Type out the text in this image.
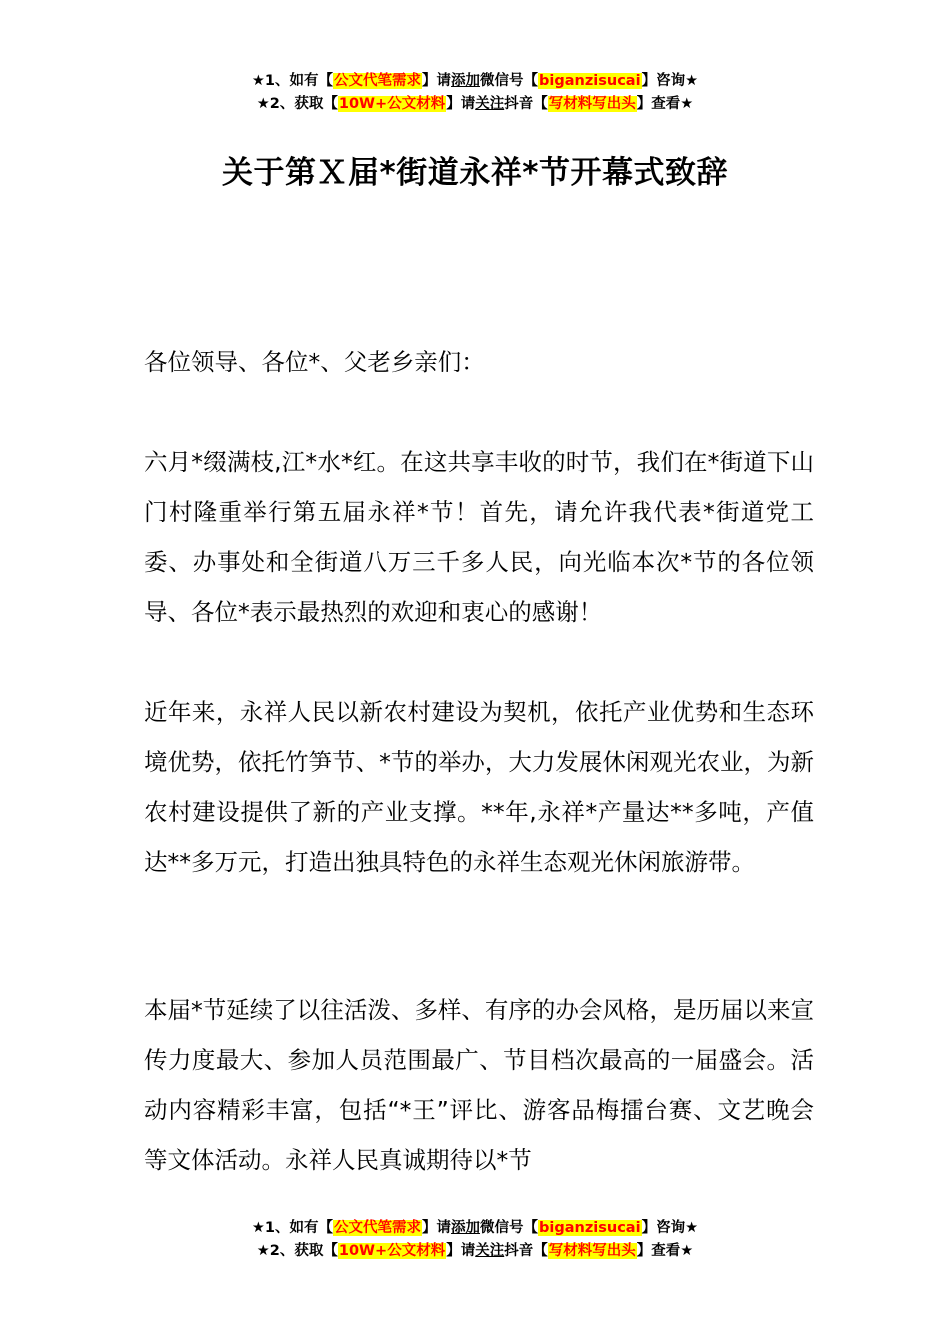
★1、如有【公文代笔需求】请添加微信号【biganzisucai】咨询★
★2、获取【10W+公文材料】请关注抖音【写材料写出头】查看★
关于第Ｘ届*街道永祥*节开幕式致辞

各位领导、各位*、父老乡亲们：

六月*缀满枝,江*水*红。在这共享丰收的时节，我们在*街道下山门村隆重举行第五届永祥*节！首先，请允许我代表*街道党工委、办事处和全街道八万三千多人民，向光临本次*节的各位领导、各位*表示最热烈的欢迎和衷心的感谢！

近年来，永祥人民以新农村建设为契机，依托产业优势和生态环境优势，依托竹笋节、*节的举办，大力发展休闲观光农业，为新农村建设提供了新的产业支撑。**年,永祥*产量达**多吨，产值达**多万元，打造出独具特色的永祥生态观光休闲旅游带。

本届*节延续了以往活泼、多样、有序的办会风格，是历届以来宣传力度最大、参加人员范围最广、节目档次最高的一届盛会。活动内容精彩丰富，包括“*王”评比、游客品梅擂台赛、文艺晚会等文体活动。永祥人民真诚期待以*节

★1、如有【公文代笔需求】请添加微信号【biganzisucai】咨询★
★2、获取【10W+公文材料】请关注抖音【写材料写出头】查看★
